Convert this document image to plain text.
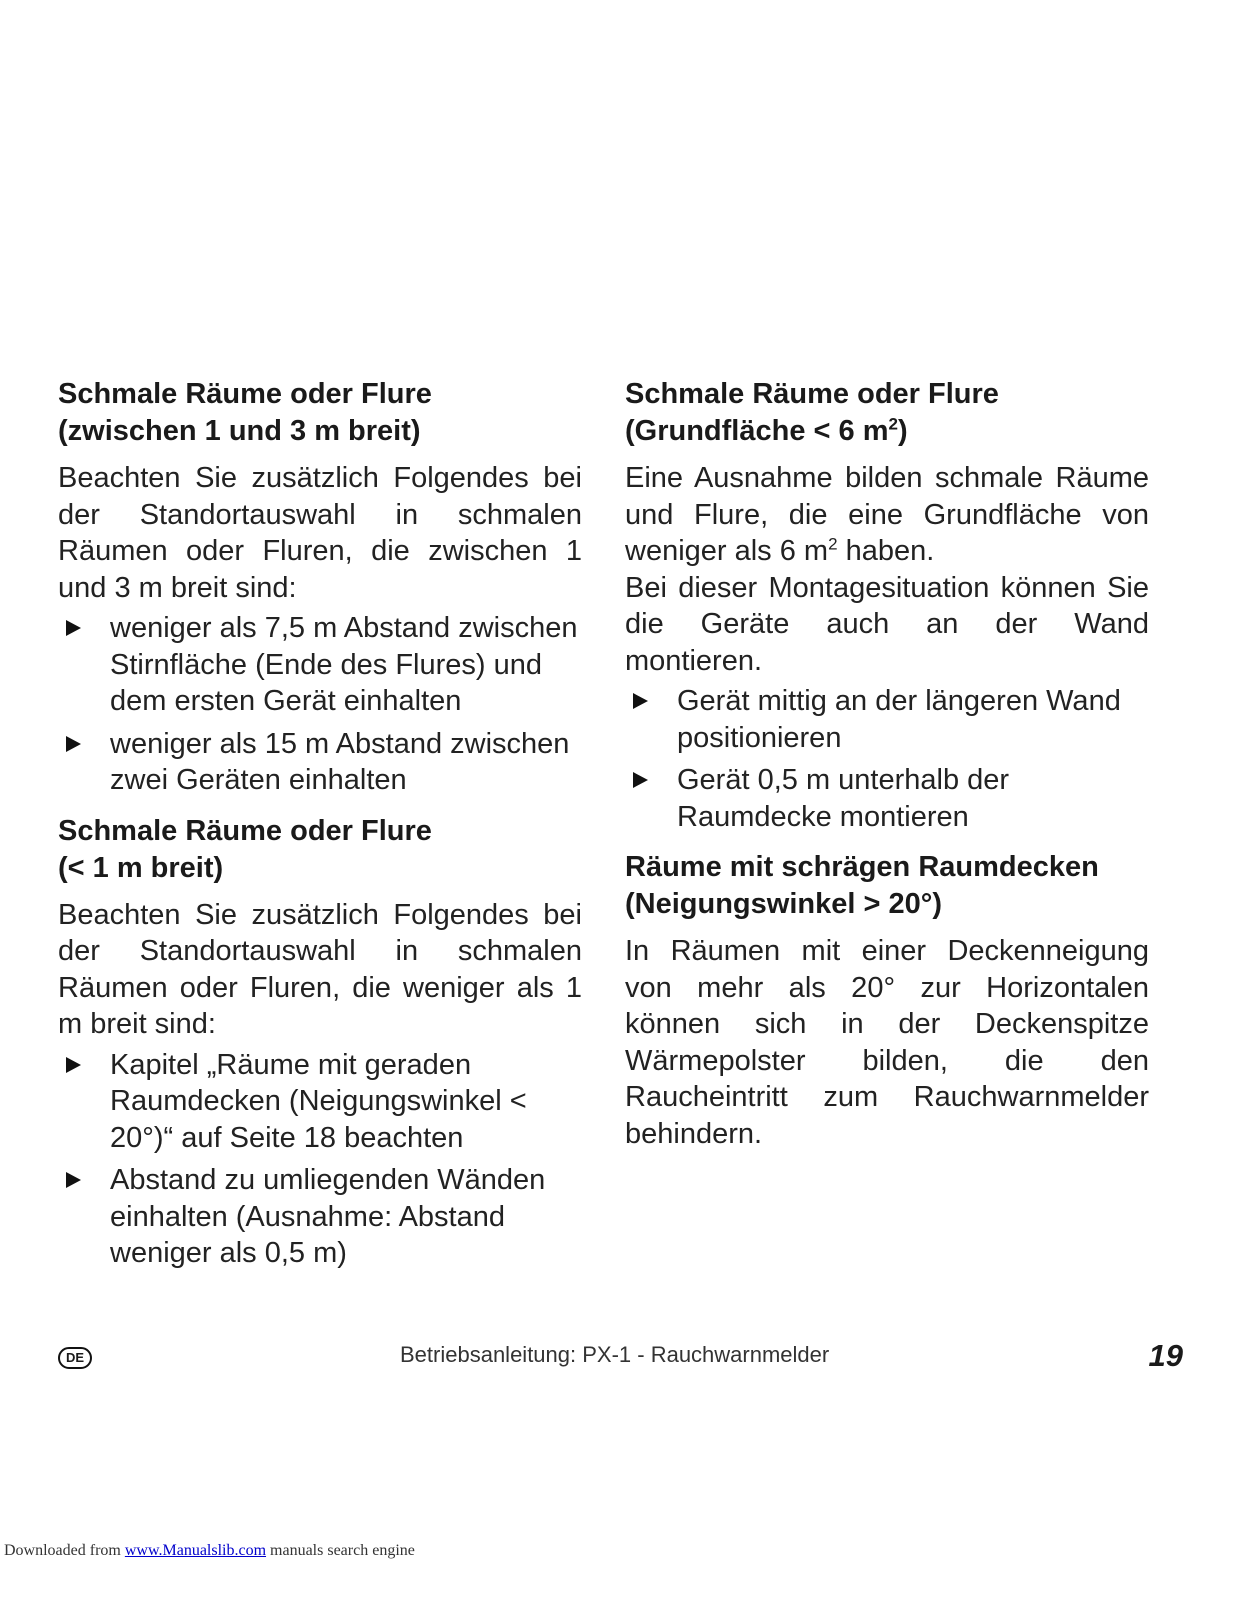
Schmale Räume oder Flure
(zwischen 1 und 3 m breit)

Beachten Sie zusätzlich Folgendes bei der Standortauswahl in schmalen Räumen oder Fluren, die zwischen 1 und 3 m breit sind:

weniger als 7,5 m Abstand zwischen Stirnfläche (Ende des Flures) und dem ersten Gerät einhalten
weniger als 15 m Abstand zwischen zwei Geräten einhalten
Schmale Räume oder Flure
(< 1 m breit)

Beachten Sie zusätzlich Folgendes bei der Standortauswahl in schmalen Räumen oder Fluren, die weniger als 1 m breit sind:

Kapitel „Räume mit geraden Raumdecken (Neigungswinkel < 20°)“ auf Seite 18 beachten
Abstand zu umliegenden Wänden einhalten (Ausnahme: Abstand weniger als 0,5 m)
Schmale Räume oder Flure
(Grundfläche < 6 $m^2$)

Eine Ausnahme bilden schmale Räume und Flure, die eine Grundfläche von weniger als 6 $m^2$ haben.

Bei dieser Montagesituation können Sie die Geräte auch an der Wand montieren.

Gerät mittig an der längeren Wand positionieren
Gerät 0,5 m unterhalb der Raumdecke montieren
Räume mit schrägen Raumdecken
(Neigungswinkel > 20°)

In Räumen mit einer Deckenneigung von mehr als 20° zur Horizontalen können sich in der Deckenspitze Wärmepolster bilden, die den Raucheintritt zum Rauchwarnmelder behindern.

DE	Betriebsanleitung: PX-1 - Rauchwarnmelder	19
Downloaded from www.Manualslib.com manuals search engine
